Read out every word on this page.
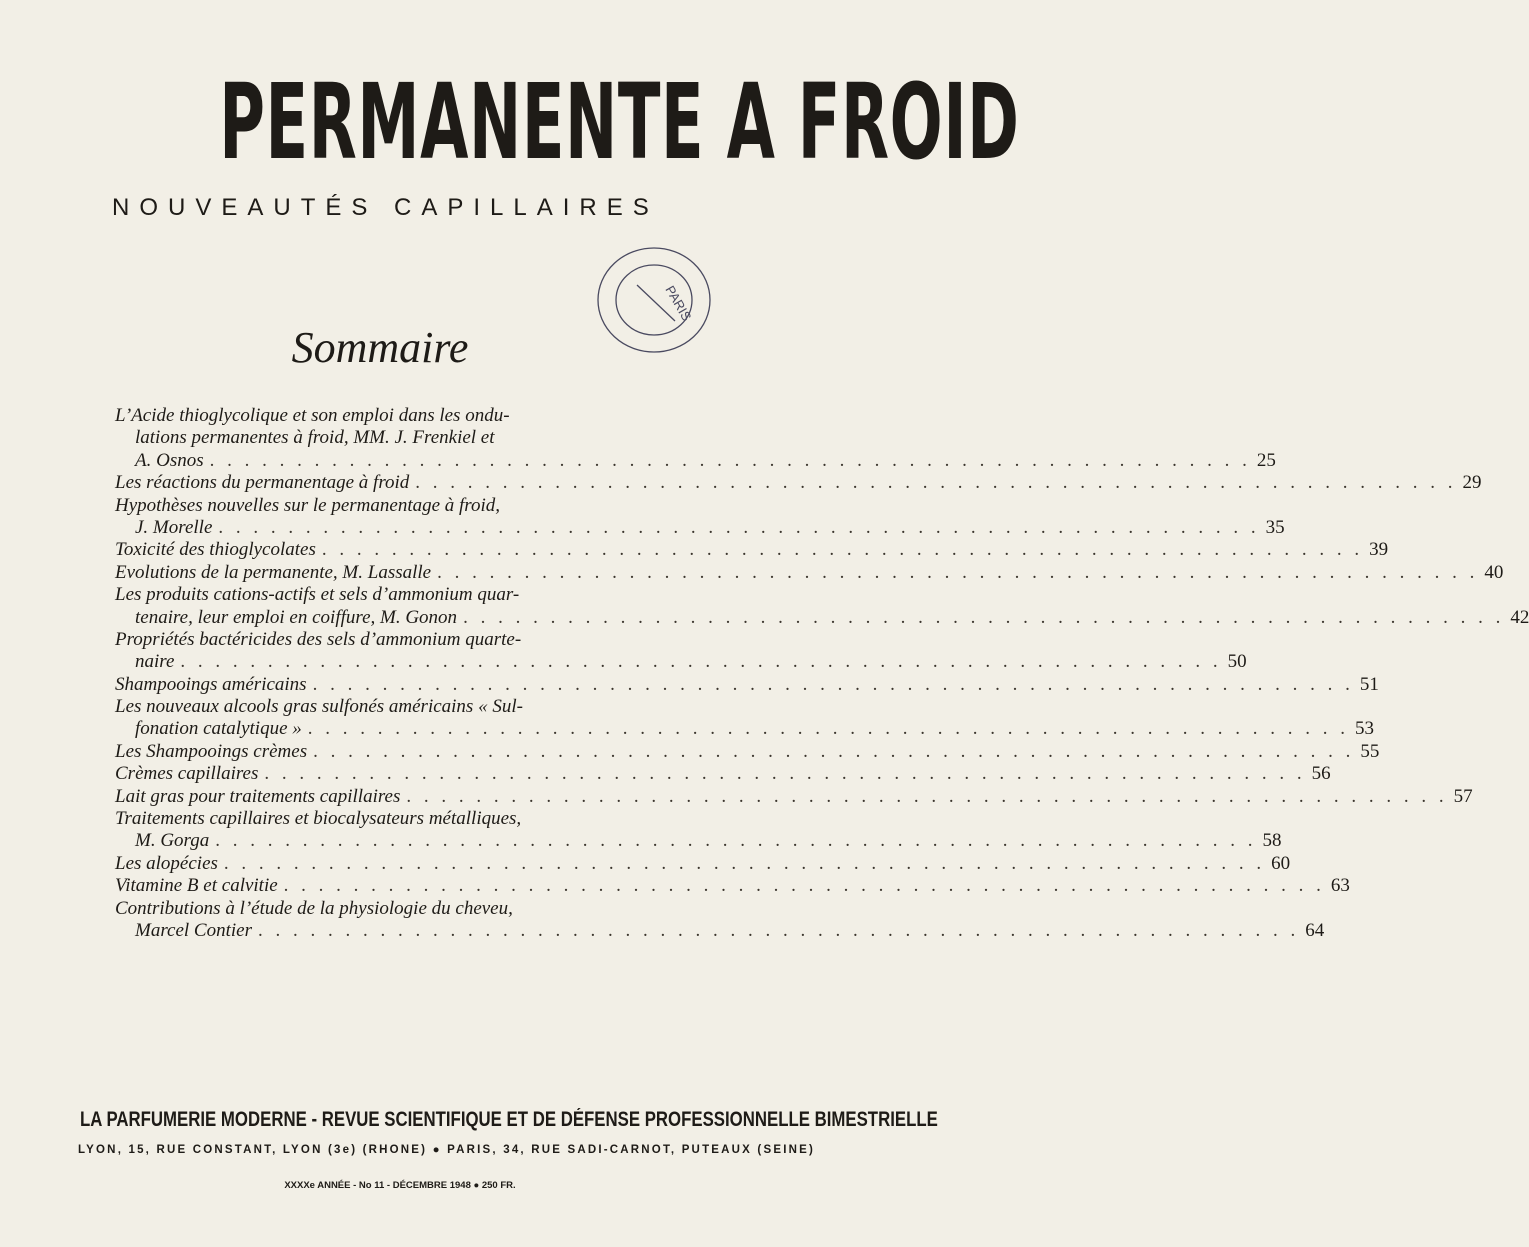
PERMANENTE A FROID
NOUVEAUTÉS CAPILLAIRES
PARIS
Sommaire
L’Acide thioglycolique et son emploi dans les ondu-
lations permanentes à froid, MM. J. Frenkiel et
A. Osnos . . .	25
Les réactions du permanentage à froid . . .	29
Hypothèses nouvelles sur le permanentage à froid,
J. Morelle . . .	35
Toxicité des thioglycolates . . .	39
Evolutions de la permanente, M. Lassalle . . .	40
Les produits cations-actifs et sels d’ammonium quar-
tenaire, leur emploi en coiffure, M. Gonon . . .	42
Propriétés bactéricides des sels d’ammonium quarte-
naire . . .	50
Shampooings américains . . .	51
Les nouveaux alcools gras sulfonés américains « Sul-
fonation catalytique » . . .	53
Les Shampooings crèmes . . .	55
Crèmes capillaires . . .	56
Lait gras pour traitements capillaires . . .	57
Traitements capillaires et biocalysateurs métalliques,
M. Gorga . . .	58
Les alopécies . . .	60
Vitamine B et calvitie . . .	63
Contributions à l’étude de la physiologie du cheveu,
Marcel Contier . . .	64
LA PARFUMERIE MODERNE - REVUE SCIENTIFIQUE ET DE DÉFENSE PROFESSIONNELLE BIMESTRIELLE
LYON, 15, RUE CONSTANT, LYON (3e) (RHONE) ● PARIS, 34, RUE SADI-CARNOT, PUTEAUX (SEINE)
XXXXe ANNÉE - No 11 - DÉCEMBRE 1948 ● 250 FR.
